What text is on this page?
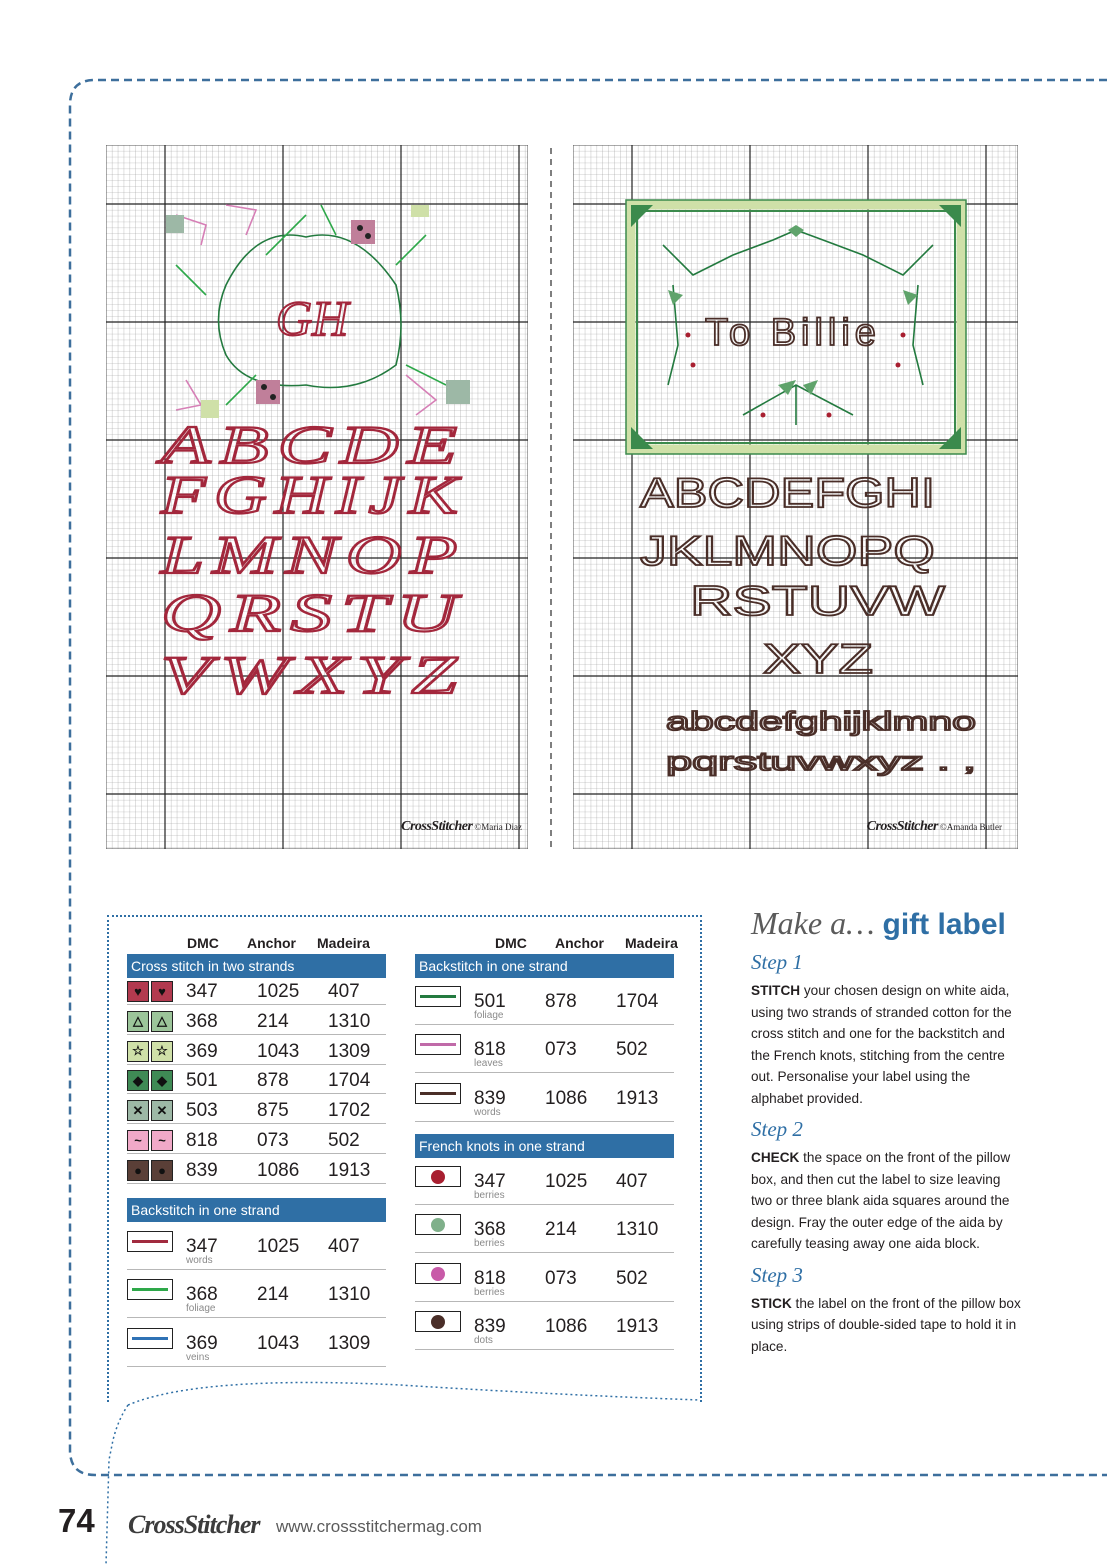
GH
ABCDE
FGHIJK
LMNOP
QRSTU
VWXYZ
CrossStitcher ©Maria Diaz
To Billie
ABCDEFGHI
JKLMNOPQ
RSTUVW
XYZ
abcdefghijklmno
pqrstuvwxyz . ,
CrossStitcher ©Amanda Butler
DMC Anchor Madeira	DMC Anchor Madeira
Cross stitch in two strands
♥	♥	347 1025 407
△	△	368 214 1310
☆ ☆ 369 1043 1309
◆	◆	501 878 1704
✕	✕ 503 875 1702
~	~	818 073 502
●	●	839 1086 1913
Backstitch in one strand
347 1025 407
words
368 214 1310
foliage
369 1043 1309
veins
Backstitch in one strand
501 878 1704
foliage
818 073 502
leaves
839 1086 1913
words
French knots in one strand
347 1025 407
berries
368 214 1310
berries
818 073 502
berries
839 1086 1913
dots
Make a… gift label
Step 1
STITCH your chosen design on white aida, using two strands of stranded cotton for the cross stitch and one for the backstitch and the French knots, stitching from the centre out. Personalise your label using the alphabet provided.
Step 2
CHECK the space on the front of the pillow box, and then cut the label to size leaving two or three blank aida squares around the design. Fray the outer edge of the aida by carefully teasing away one aida block.
Step 3
STICK the label on the front of the pillow box using strips of double-sided tape to hold it in place.
74 CrossStitcher www.crossstitchermag.com
